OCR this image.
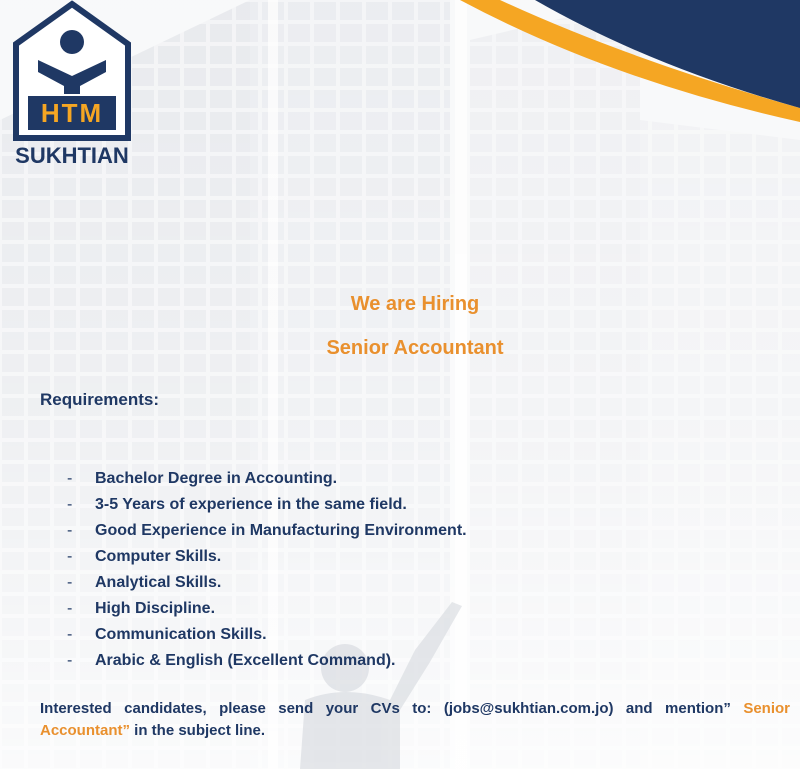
HTM
SUKHTIAN
We are Hiring
Senior Accountant
Requirements:
- Bachelor Degree in Accounting.
- 3-5 Years of experience in the same field.
- Good Experience in Manufacturing Environment.
- Computer Skills.
- Analytical Skills.
- High Discipline.
- Communication Skills.
- Arabic & English (Excellent Command).
Interested candidates, please send your CVs to: (jobs@sukhtian.com.jo) and mention” Senior Accountant” in the subject line.
